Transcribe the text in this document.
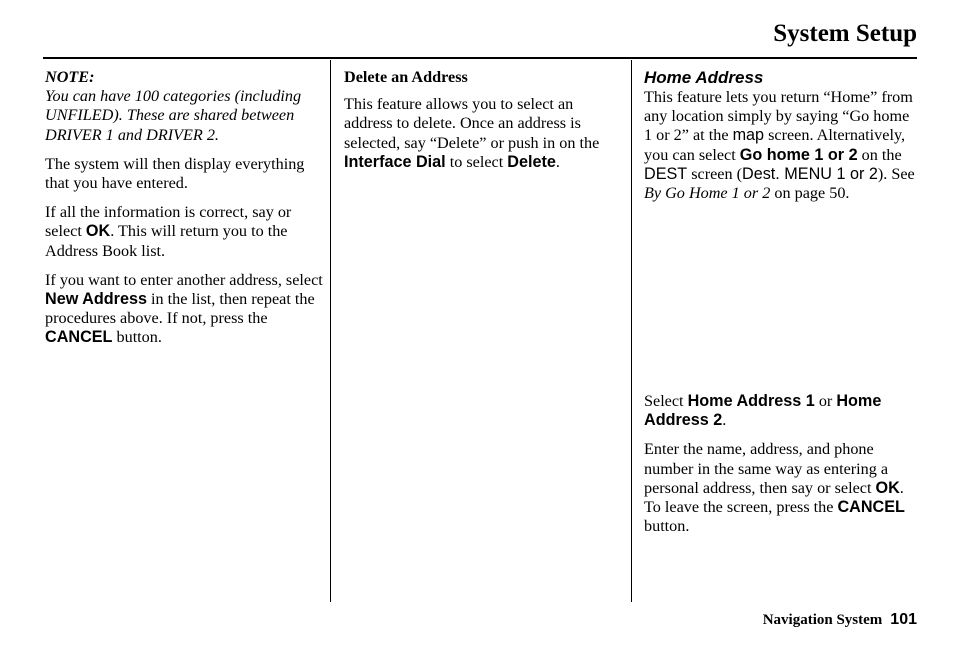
System Setup

NOTE:
You can have 100 categories (including UNFILED). These are shared between DRIVER 1 and DRIVER 2.

The system will then display everything that you have entered.

If all the information is correct, say or select OK. This will return you to the Address Book list.

If you want to enter another address, select New Address in the list, then repeat the procedures above. If not, press the CANCEL button.

Delete an Address

This feature allows you to select an address to delete. Once an address is selected, say “Delete” or push in on the Interface Dial to select Delete.

Home Address

This feature lets you return “Home” from any location simply by saying “Go home 1 or 2” at the map screen. Alternatively, you can select Go home 1 or 2 on the DEST screen (Dest. MENU 1 or 2). See By Go Home 1 or 2 on page 50.

Select Home Address 1 or Home Address 2.

Enter the name, address, and phone number in the same way as entering a personal address, then say or select OK. To leave the screen, press the CANCEL button.

Navigation System 101
